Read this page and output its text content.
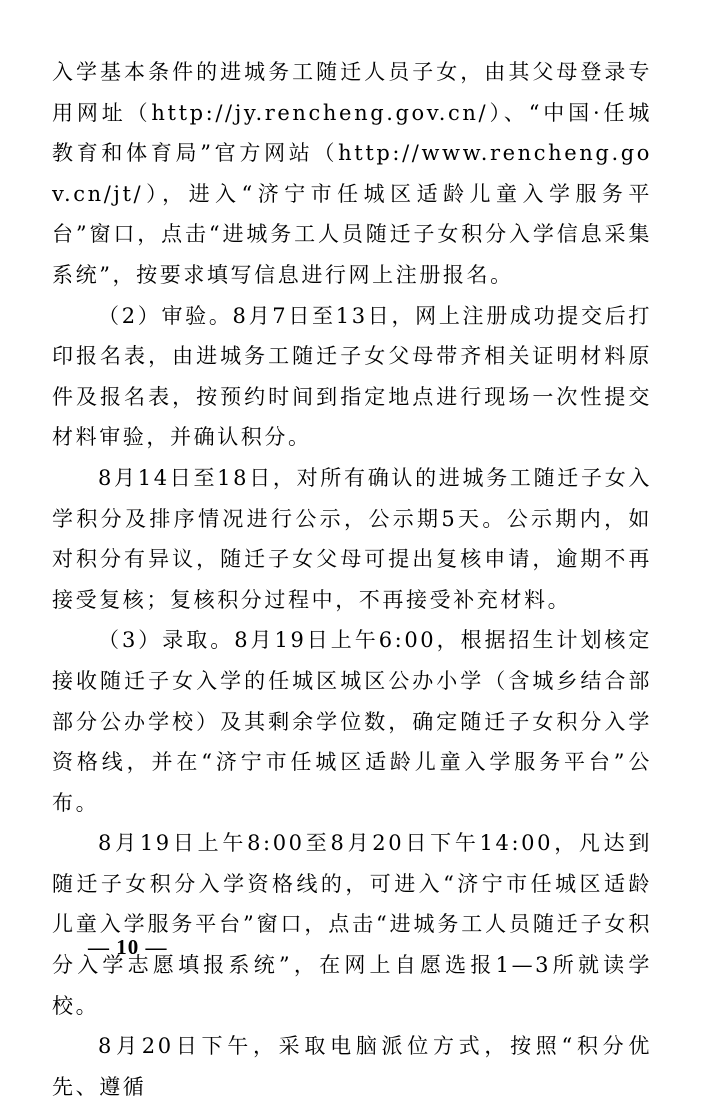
入学基本条件的进城务工随迁人员子女，由其父母登录专用网址（http://jy.rencheng.gov.cn/）、“中国·任城教育和体育局”官方网站（http://www.rencheng.gov.cn/jt/），进入“济宁市任城区适龄儿童入学服务平台”窗口，点击“进城务工人员随迁子女积分入学信息采集系统”，按要求填写信息进行网上注册报名。

（2）审验。8月7日至13日，网上注册成功提交后打印报名表，由进城务工随迁子女父母带齐相关证明材料原件及报名表，按预约时间到指定地点进行现场一次性提交材料审验，并确认积分。

8月14日至18日，对所有确认的进城务工随迁子女入学积分及排序情况进行公示，公示期5天。公示期内，如对积分有异议，随迁子女父母可提出复核申请，逾期不再接受复核；复核积分过程中，不再接受补充材料。

（3）录取。8月19日上午6:00，根据招生计划核定接收随迁子女入学的任城区城区公办小学（含城乡结合部部分公办学校）及其剩余学位数，确定随迁子女积分入学资格线，并在“济宁市任城区适龄儿童入学服务平台”公布。

8月19日上午8:00至8月20日下午14:00，凡达到随迁子女积分入学资格线的，可进入“济宁市任城区适龄儿童入学服务平台”窗口，点击“进城务工人员随迁子女积分入学志愿填报系统”，在网上自愿选报1—3所就读学校。

8月20日下午，采取电脑派位方式，按照“积分优先、遵循

— 10 —
